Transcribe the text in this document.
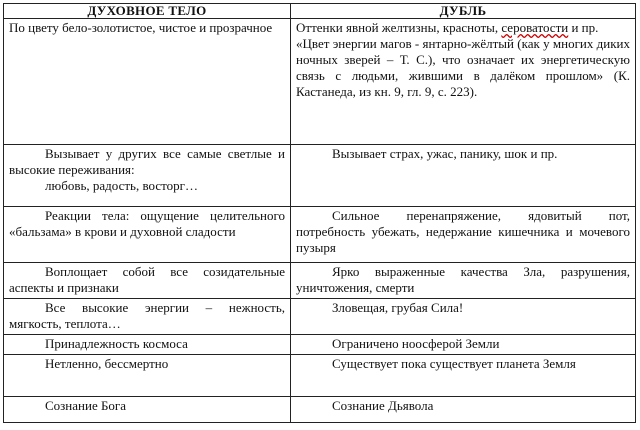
ДУХОВНОЕ ТЕЛО	ДУБЛЬ
По цвету бело-золотистое, чистое и прозрачное	Оттенки явной желтизны, красноты, сероватости и пр.
«Цвет энергии магов - янтарно-жёлтый (как у многих диких ночных зверей – Т. С.), что означает их энергетическую связь с людьми, жившими в далёком прошлом» (К. Кастанеда, из кн. 9, гл. 9, с. 223).

Вызывает у других все самые светлые и высокие переживания:
любовь, радость, восторг…	Вызывает страх, ужас, панику, шок и пр.

Реакции тела: ощущение целительного «бальзама» в крови и духовной сладости	Сильное перенапряжение, ядовитый пот, потребность убежать, недержание кишечника и мочевого пузыря

Воплощает собой все созидательные аспекты и признаки	Ярко выраженные качества Зла, разрушения, уничтожения, смерти

Все высокие энергии – нежность, мягкость, теплота…	Зловещая, грубая Сила!

Принадлежность космоса	Ограничено ноосферой Земли

Нетленно, бессмертно	Существует пока существует планета Земля

Сознание Бога	Сознание Дьявола
